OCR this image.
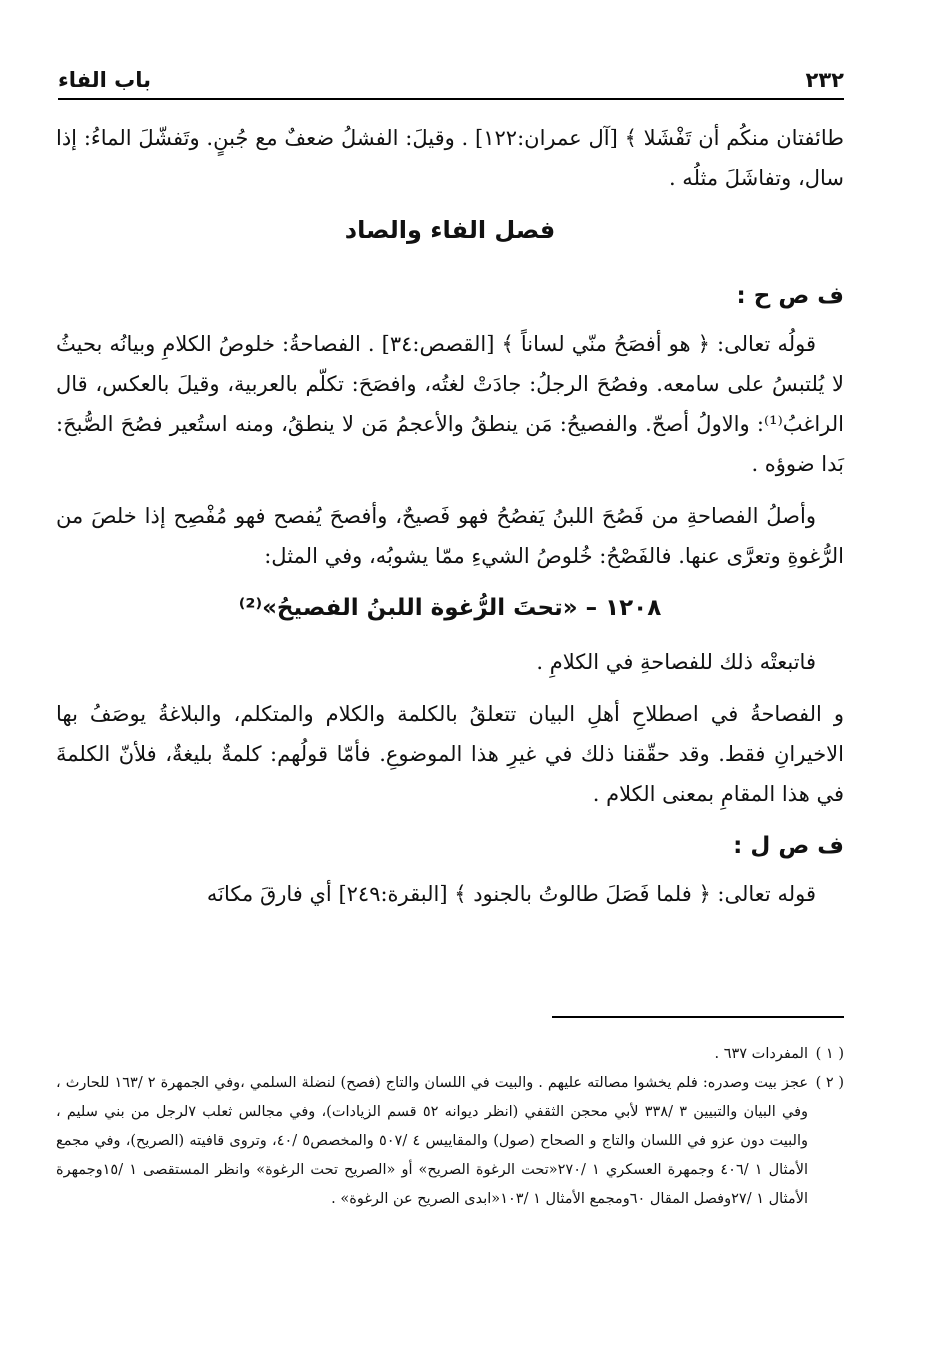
باب الفاء	٢٣٢

طائفتان منكُم أن تَفْشَلا ﴾ [آل عمران:١٢٢] . وقيلَ: الفشلُ ضعفٌ مع جُبنٍ. وتَفشّلَ الماءُ: إذا سال، وتفاشَلَ مثلُه .

فصل الفاء والصاد
ف ص ح :

قولُه تعالى: ﴿ هو أفصَحُ منّي لساناً ﴾ [القصص:٣٤] . الفصاحةُ: خلوصُ الكلامِ وبيانُه بحيثُ لا يُلتبسُ على سامعه. وفصُحَ الرجلُ: جادَتْ لغتُه، وافصَحَ: تكلّم بالعربية، وقيلَ بالعكس، قال الراغبُ⁽¹⁾: والاولُ أصحّ. والفصيحُ: مَن ينطقُ والأعجمُ مَن لا ينطقُ، ومنه استُعير فصُحَ الصُّبحَ: بَدا ضوؤه .

وأصلُ الفصاحةِ من فَصُحَ اللبنُ يَفصُحُ فهو فَصيحٌ، وأفصحَ يُفصح فهو مُفْصِح إذا خلصَ من الرُّغوةِ وتعرَّى عنها. فالفَصْحُ: خُلوصُ الشيءِ ممّا يشوبُه، وفي المثل:

١٢٠٨ – «تحتَ الرُّغوة اللبنُ الفصيحُ»⁽²⁾

فاتبعتْه ذلك للفصاحةِ في الكلامِ .

و الفصاحةُ في اصطلاحِ أهلِ البيان تتعلقُ بالكلمة والكلام والمتكلم، والبلاغةُ يوصَفُ بها الاخيرانِ فقط. وقد حقّقنا ذلك في غيرِ هذا الموضوعِ. فأمّا قولُهم: كلمةٌ بليغةٌ، فلأنّ الكلمةَ في هذا المقامِ بمعنى الكلام .

ف ص ل :

قوله تعالى: ﴿ فلما فَصَلَ طالوتُ بالجنود ﴾ [البقرة:٢٤٩] أي فارقَ مكانَه

( ١ )
المفردات ٦٣٧ .
( ٢ )
عجز بيت وصدره: فلم يخشوا مصالته عليهم . والبيت في اللسان والتاج (فصح) لنضلة السلمي ،وفي الجمهرة ٢ /١٦٣ للحارث ، وفي البيان والتبيين ٣ /٣٣٨ لأبي محجن الثقفي (انظر ديوانه ٥٢ قسم الزيادات)، وفي مجالس ثعلب ٧لرجل من بني سليم ، والبيت دون عزو في اللسان والتاج و الصحاح (صول) والمقاييس ٤ /٥٠٧ والمخصص٥ /٤٠، وتروى قافيته (الصريح)، وفي مجمع الأمثال ١ /٤٠٦ وجمهرة العسكري ١ /٢٧٠«تحت الرغوة الصريح» أو «الصريح تحت الرغوة» وانظر المستقصى ١ /١٥وجمهرة الأمثال ١ /٢٧وفصل المقال ٦٠ومجمع الأمثال ١ /١٠٣«ابدى الصريح عن الرغوة» .
